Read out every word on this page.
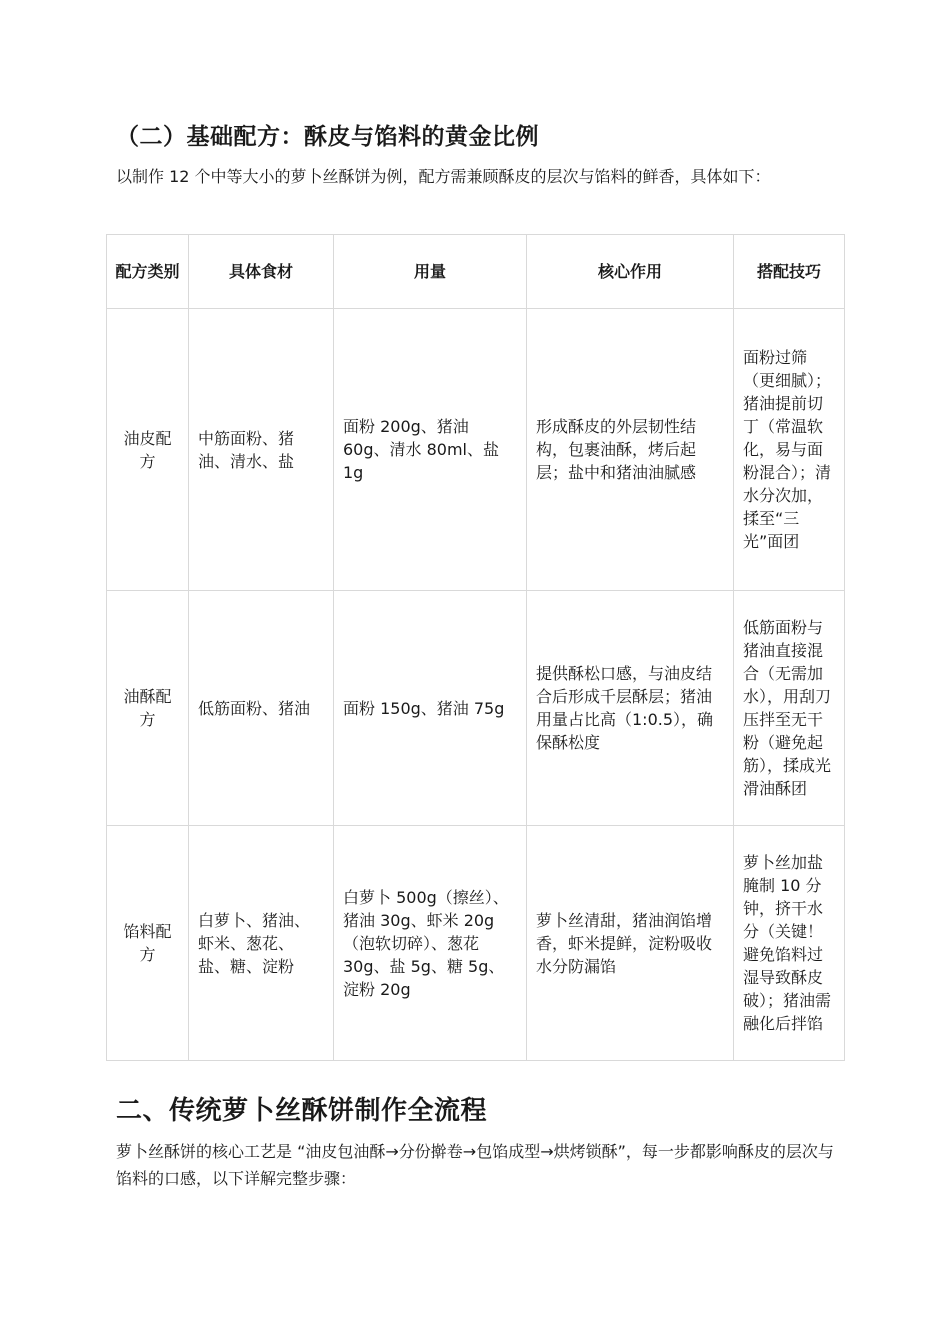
（二）基础配方：酥皮与馅料的黄金比例

以制作 12 个中等大小的萝卜丝酥饼为例，配方需兼顾酥皮的层次与馅料的鲜香，具体如下：

配方类别	具体食材	用量	核心作用	搭配技巧
油皮配方	中筋面粉、猪油、清水、盐	面粉 200g、猪油 60g、清水 80ml、盐 1g	形成酥皮的外层韧性结构，包裹油酥，烤后起层；盐中和猪油油腻感	面粉过筛（更细腻）；猪油提前切丁（常温软化，易与面粉混合）；清水分次加，揉至“三光”面团
油酥配方	低筋面粉、猪油	面粉 150g、猪油 75g	提供酥松口感，与油皮结合后形成千层酥层；猪油用量占比高（1:0.5），确保酥松度	低筋面粉与猪油直接混合（无需加水），用刮刀压拌至无干粉（避免起筋），揉成光滑油酥团
馅料配方	白萝卜、猪油、虾米、葱花、盐、糖、淀粉	白萝卜 500g（擦丝）、猪油 30g、虾米 20g（泡软切碎）、葱花 30g、盐 5g、糖 5g、淀粉 20g	萝卜丝清甜，猪油润馅增香，虾米提鲜，淀粉吸收水分防漏馅	萝卜丝加盐腌制 10 分钟，挤干水分（关键！避免馅料过湿导致酥皮破）；猪油需融化后拌馅
二、传统萝卜丝酥饼制作全流程

萝卜丝酥饼的核心工艺是 “油皮包油酥→分份擀卷→包馅成型→烘烤锁酥”，每一步都影响酥皮的层次与馅料的口感，以下详解完整步骤：
